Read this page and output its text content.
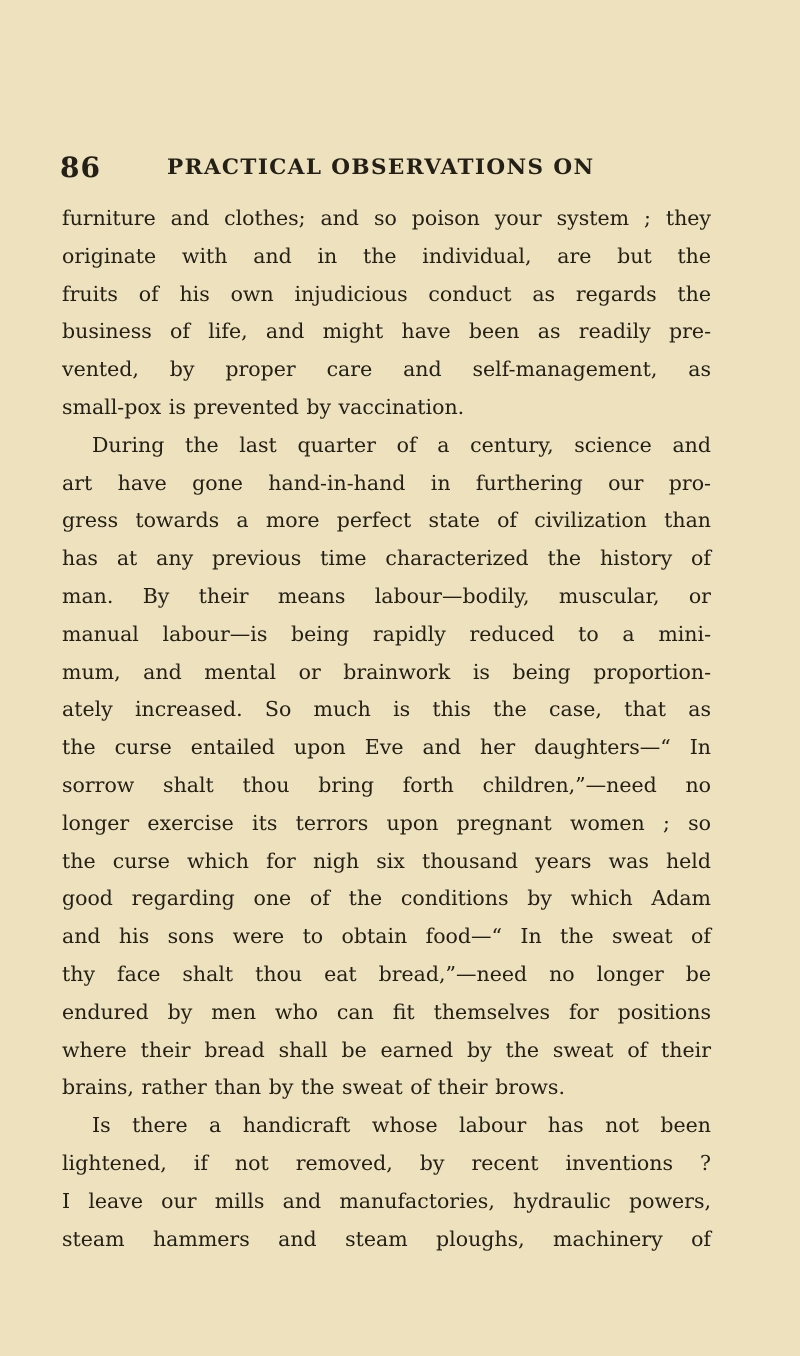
86	PRACTICAL OBSERVATIONS ON
furniture and clothes; and so poison your system ; they
originate with and in the individual, are but the
fruits of his own injudicious conduct as regards the
business of life, and might have been as readily pre-
vented, by proper care and self-management, as
small-pox is prevented by vaccination.
During the last quarter of a century, science and
art have gone hand-in-hand in furthering our pro-
gress towards a more perfect state of civilization than
has at any previous time characterized the history of
man. By their means labour—bodily, muscular, or
manual labour—is being rapidly reduced to a mini-
mum, and mental or brainwork is being proportion-
ately increased. So much is this the case, that as
the curse entailed upon Eve and her daughters—“ In
sorrow shalt thou bring forth children,”—need no
longer exercise its terrors upon pregnant women ; so
the curse which for nigh six thousand years was held
good regarding one of the conditions by which Adam
and his sons were to obtain food—“ In the sweat of
thy face shalt thou eat bread,”—need no longer be
endured by men who can fit themselves for positions
where their bread shall be earned by the sweat of their
brains, rather than by the sweat of their brows.
Is there a handicraft whose labour has not been
lightened, if not removed, by recent inventions ?
I leave our mills and manufactories, hydraulic powers,
steam hammers and steam ploughs, machinery of
